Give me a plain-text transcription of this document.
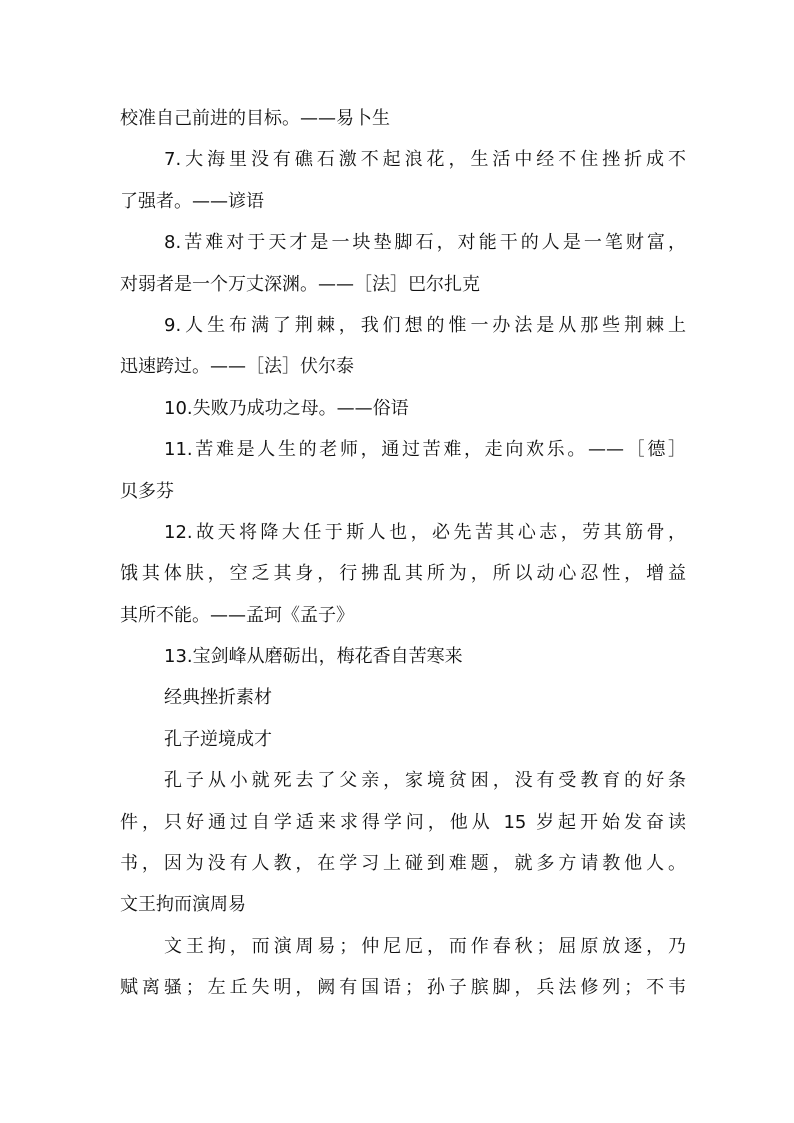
校准自己前进的目标。——易卜生
7.大海里没有礁石激不起浪花，生活中经不住挫折成不
了强者。——谚语
8.苦难对于天才是一块垫脚石，对能干的人是一笔财富，
对弱者是一个万丈深渊。——［法］巴尔扎克
9.人生布满了荆棘，我们想的惟一办法是从那些荆棘上
迅速跨过。——［法］伏尔泰
10.失败乃成功之母。——俗语
11.苦难是人生的老师，通过苦难，走向欢乐。——［德］
贝多芬
12.故天将降大任于斯人也，必先苦其心志，劳其筋骨，
饿其体肤，空乏其身，行拂乱其所为，所以动心忍性，增益
其所不能。——孟珂《孟子》
13.宝剑峰从磨砺出，梅花香自苦寒来
经典挫折素材
孔子逆境成才
孔子从小就死去了父亲，家境贫困，没有受教育的好条
件，只好通过自学适来求得学问，他从 15 岁起开始发奋读
书，因为没有人教，在学习上碰到难题，就多方请教他人。
文王拘而演周易
文王拘，而演周易；仲尼厄，而作春秋；屈原放逐，乃
赋离骚；左丘失明，阙有国语；孙子膑脚，兵法修列；不韦
